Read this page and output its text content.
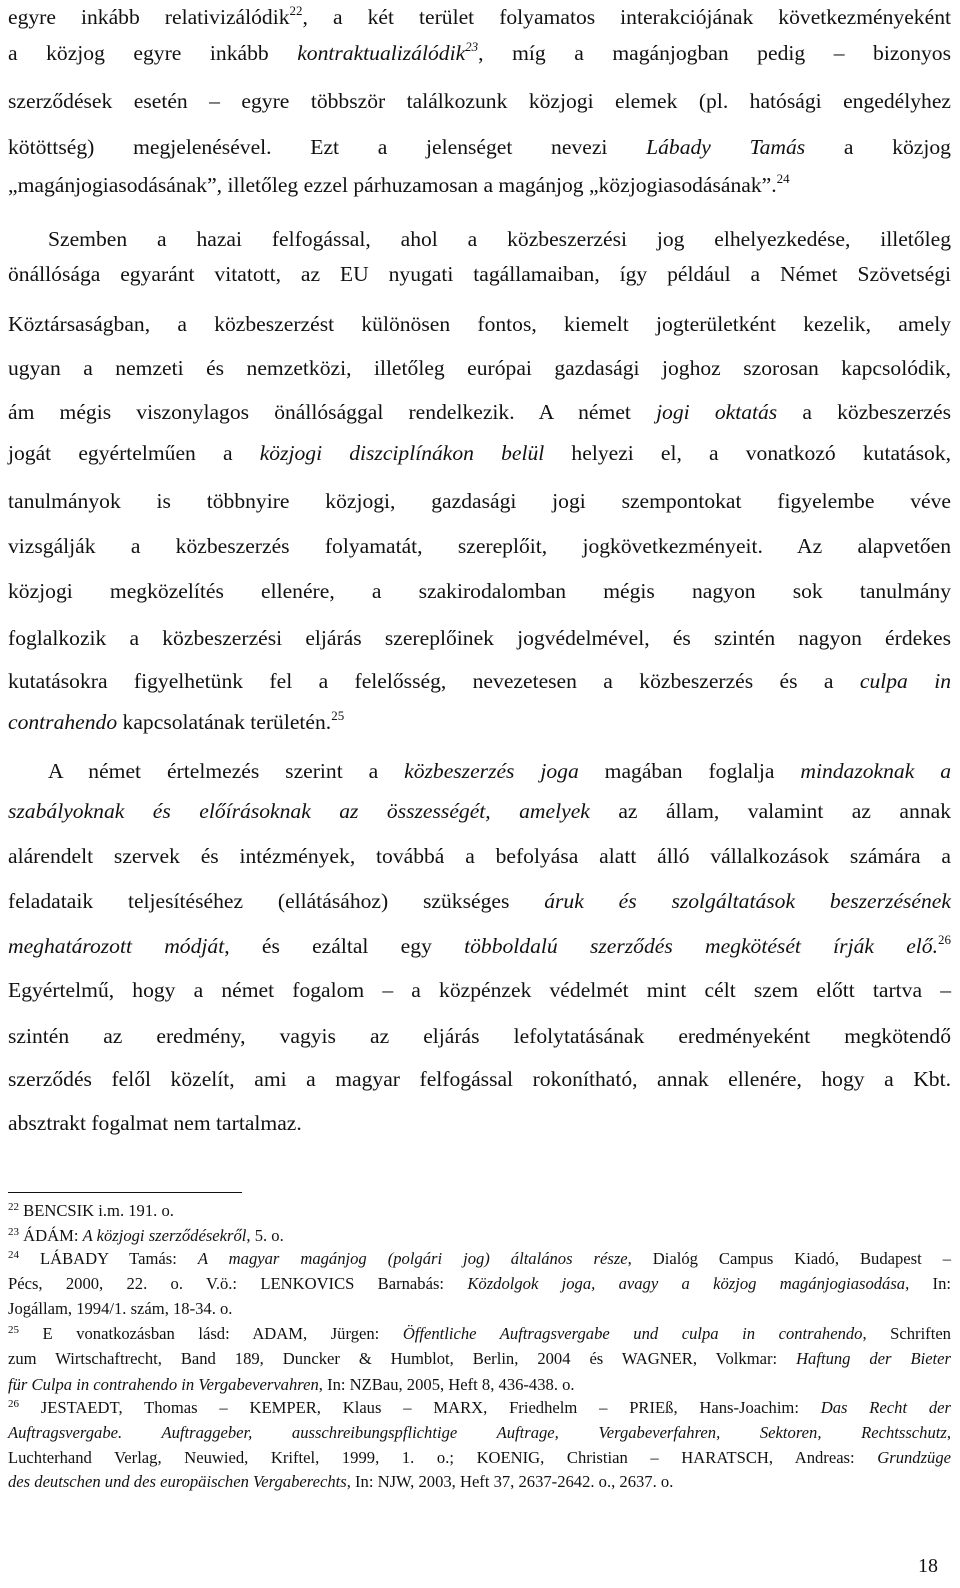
egyre inkább relativizálódik$^{22}$, a két terület folyamatos interakciójának következményeként
a közjog egyre inkább kontraktualizálódik$^{23}$, míg a magánjogban pedig – bizonyos
szerződések esetén – egyre többször találkozunk közjogi elemek (pl. hatósági engedélyhez
kötöttség) megjelenésével. Ezt a jelenséget nevezi Lábady Tamás a közjog
„magánjogiasodásának”, illetőleg ezzel párhuzamosan a magánjog „közjogiasodásának”.$^{24}$
Szemben a hazai felfogással, ahol a közbeszerzési jog elhelyezkedése, illetőleg
önállósága egyaránt vitatott, az EU nyugati tagállamaiban, így például a Német Szövetségi
Köztársaságban, a közbeszerzést különösen fontos, kiemelt jogterületként kezelik, amely
ugyan a nemzeti és nemzetközi, illetőleg európai gazdasági joghoz szorosan kapcsolódik,
ám mégis viszonylagos önállósággal rendelkezik. A német jogi oktatás a közbeszerzés
jogát egyértelműen a közjogi diszciplínákon belül helyezi el, a vonatkozó kutatások,
tanulmányok is többnyire közjogi, gazdasági jogi szempontokat figyelembe véve
vizsgálják a közbeszerzés folyamatát, szereplőit, jogkövetkezményeit. Az alapvetően
közjogi megközelítés ellenére, a szakirodalomban mégis nagyon sok tanulmány
foglalkozik a közbeszerzési eljárás szereplőinek jogvédelmével, és szintén nagyon érdekes
kutatásokra figyelhetünk fel a felelősség, nevezetesen a közbeszerzés és a culpa in
contrahendo kapcsolatának területén.$^{25}$
A német értelmezés szerint a közbeszerzés joga magában foglalja mindazoknak a
szabályoknak és előírásoknak az összességét, amelyek az állam, valamint az annak
alárendelt szervek és intézmények, továbbá a befolyása alatt álló vállalkozások számára a
feladataik teljesítéséhez (ellátásához) szükséges áruk és szolgáltatások beszerzésének
meghatározott módját, és ezáltal egy többoldalú szerződés megkötését írják elő.$^{26}$
Egyértelmű, hogy a német fogalom – a közpénzek védelmét mint célt szem előtt tartva –
szintén az eredmény, vagyis az eljárás lefolytatásának eredményeként megkötendő
szerződés felől közelít, ami a magyar felfogással rokonítható, annak ellenére, hogy a Kbt.
absztrakt fogalmat nem tartalmaz.
$^{22}$ BENCSIK i.m. 191. o.
$^{23}$ ÁDÁM: A közjogi szerződésekről, 5. o.
$^{24}$ LÁBADY Tamás: A magyar magánjog (polgári jog) általános része, Dialóg Campus Kiadó, Budapest –
Pécs, 2000, 22. o. V.ö.: LENKOVICS Barnabás: Közdolgok joga, avagy a közjog magánjogiasodása, In:
Jogállam, 1994/1. szám, 18-34. o.
$^{25}$ E vonatkozásban lásd: ADAM, Jürgen: Öffentliche Auftragsvergabe und culpa in contrahendo, Schriften
zum Wirtschaftrecht, Band 189, Duncker & Humblot, Berlin, 2004 és WAGNER, Volkmar: Haftung der Bieter
für Culpa in contrahendo in Vergabevervahren, In: NZBau, 2005, Heft 8, 436-438. o.
$^{26}$ JESTAEDT, Thomas – KEMPER, Klaus – MARX, Friedhelm – PRIEß, Hans-Joachim: Das Recht der
Auftragsvergabe. Auftraggeber, ausschreibungspflichtige Auftrage, Vergabeverfahren, Sektoren, Rechtsschutz,
Luchterhand Verlag, Neuwied, Kriftel, 1999, 1. o.; KOENIG, Christian – HARATSCH, Andreas: Grundzüge
des deutschen und des europäischen Vergaberechts, In: NJW, 2003, Heft 37, 2637-2642. o., 2637. o.
18
